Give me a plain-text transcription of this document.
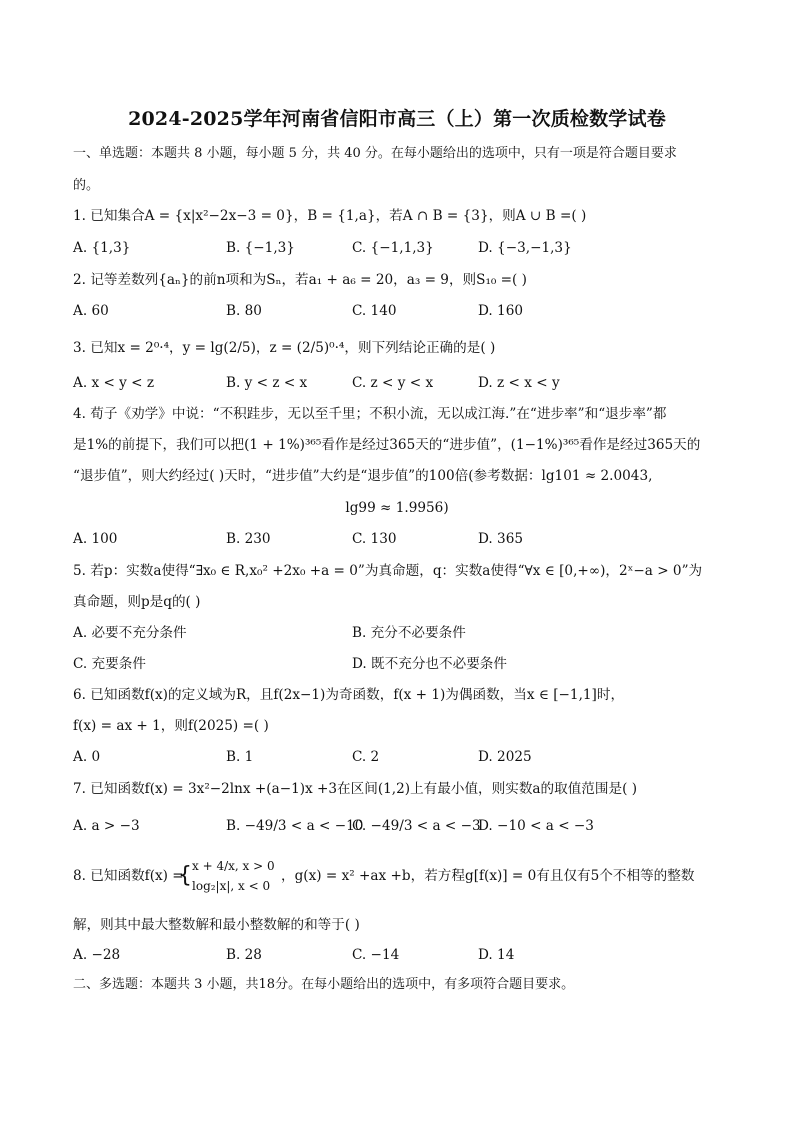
2024-2025学年河南省信阳市高三（上）第一次质检数学试卷
一、单选题：本题共 8 小题，每小题 5 分，共 40 分。在每小题给出的选项中，只有一项是符合题目要求
的。
1. 已知集合A = {x|x²−2x−3 = 0}，B = {1,a}，若A ∩ B = {3}，则A ∪ B =( )
A. {1,3}	B. {−1,3}	C. {−1,1,3}	D. {−3,−1,3}
2. 记等差数列{aₙ}的前n项和为Sₙ，若a₁ + a₆ = 20，a₃ = 9，则S₁₀ =( )
A. 60	B. 80	C. 140	D. 160
3. 已知x = 2⁰·⁴，y = lg(2/5)，z = (2/5)⁰·⁴，则下列结论正确的是( )
A. x < y < z	B. y < z < x	C. z < y < x	D. z < x < y
4. 荀子《劝学》中说：“不积跬步，无以至千里；不积小流，无以成江海.”在“进步率”和“退步率”都
是1%的前提下，我们可以把(1 + 1%)³⁶⁵看作是经过365天的“进步值”，(1−1%)³⁶⁵看作是经过365天的
“退步值”，则大约经过( )天时，“进步值”大约是“退步值”的100倍(参考数据：lg101 ≈ 2.0043,
lg99 ≈ 1.9956)
A. 100	B. 230	C. 130	D. 365
5. 若p：实数a使得“∃x₀ ∈ R,x₀² +2x₀ +a = 0”为真命题，q：实数a使得“∀x ∈ [0,+∞)，2ˣ−a > 0”为
真命题，则p是q的( )
A. 必要不充分条件	B. 充分不必要条件
C. 充要条件	D. 既不充分也不必要条件
6. 已知函数f(x)的定义域为R，且f(2x−1)为奇函数，f(x + 1)为偶函数，当x ∈ [−1,1]时，
f(x) = ax + 1，则f(2025) =( )
A. 0	B. 1	C. 2	D. 2025
7. 已知函数f(x) = 3x²−2lnx +(a−1)x +3在区间(1,2)上有最小值，则实数a的取值范围是( )
A. a > −3	B. −49/3 < a < −10
C. −49/3 < a < −3
D. −10 < a < −3
8. 已知函数f(x) =
{ x + 4/x, x > 0
log₂|x|, x < 0
，g(x) = x² +ax +b，若方程g[f(x)] = 0有且仅有5个不相等的整数
解，则其中最大整数解和最小整数解的和等于( )
A. −28	B. 28	C. −14	D. 14
二、多选题：本题共 3 小题，共18分。在每小题给出的选项中，有多项符合题目要求。
